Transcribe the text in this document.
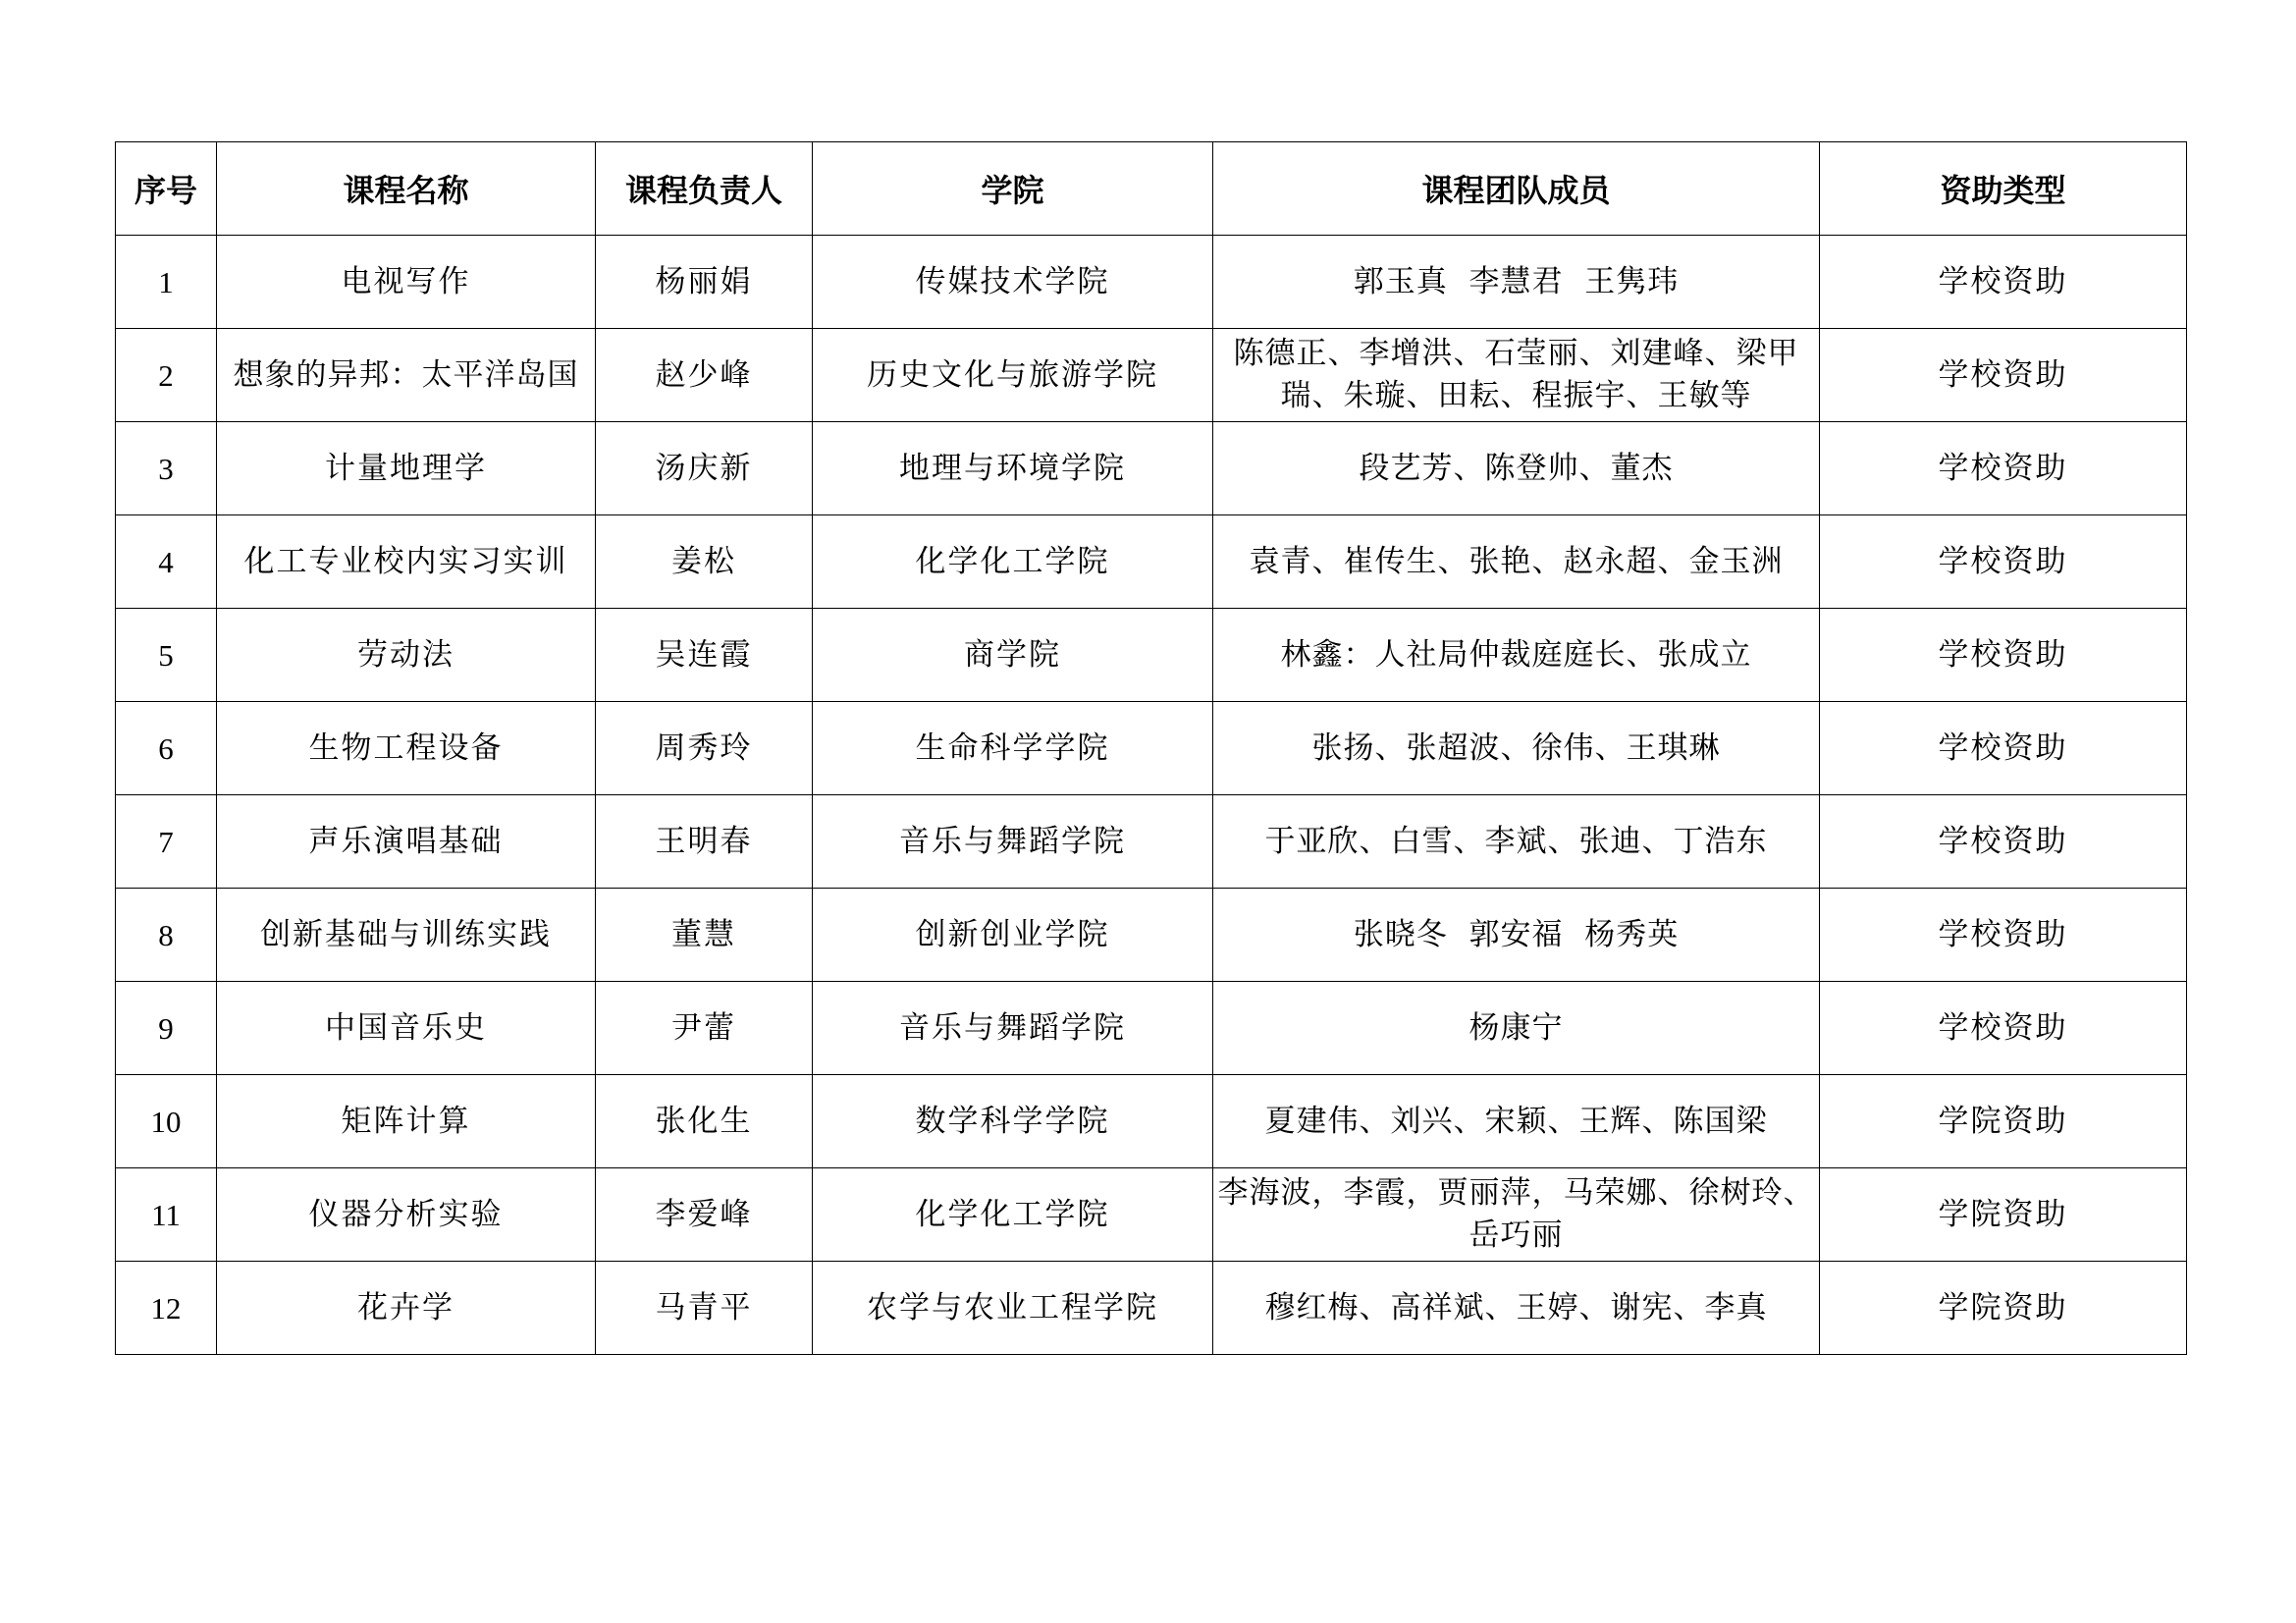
序号	课程名称	课程负责人	学院	课程团队成员	资助类型
1	电视写作	杨丽娟	传媒技术学院	郭玉真  李慧君  王隽玮	学校资助
2	想象的异邦：太平洋岛国	赵少峰	历史文化与旅游学院	陈德正、李增洪、石莹丽、刘建峰、梁甲瑞、朱璇、田耘、程振宇、王敏等	学校资助
3	计量地理学	汤庆新	地理与环境学院	段艺芳、陈登帅、董杰	学校资助
4	化工专业校内实习实训	姜松	化学化工学院	袁青、崔传生、张艳、赵永超、金玉洲	学校资助
5	劳动法	吴连霞	商学院	林鑫：人社局仲裁庭庭长、张成立	学校资助
6	生物工程设备	周秀玲	生命科学学院	张扬、张超波、徐伟、王琪琳	学校资助
7	声乐演唱基础	王明春	音乐与舞蹈学院	于亚欣、白雪、李斌、张迪、丁浩东	学校资助
8	创新基础与训练实践	董慧	创新创业学院	张晓冬  郭安福  杨秀英	学校资助
9	中国音乐史	尹蕾	音乐与舞蹈学院	杨康宁	学校资助
10	矩阵计算	张化生	数学科学学院	夏建伟、刘兴、宋颖、王辉、陈国梁	学院资助
11	仪器分析实验	李爱峰	化学化工学院	李海波，李霞，贾丽萍，马荣娜、徐树玲、岳巧丽	学院资助
12	花卉学	马青平	农学与农业工程学院	穆红梅、高祥斌、王婷、谢宪、李真	学院资助
